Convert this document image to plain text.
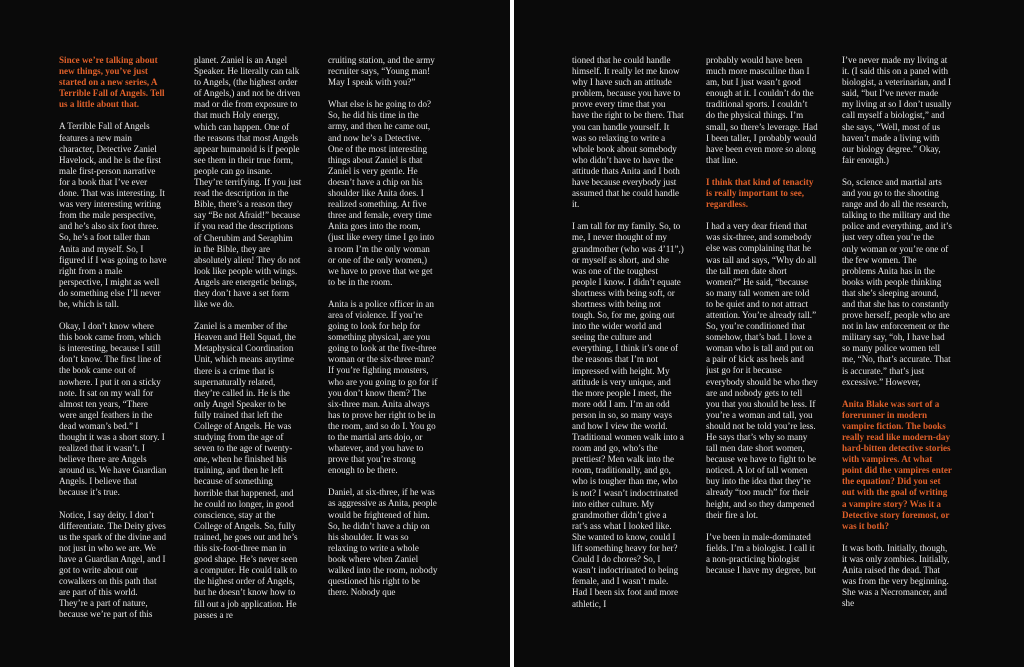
Since we’re talking about new things, you’ve just started on a new series, A Terrible Fall of Angels. Tell us a little about that.

A Terrible Fall of Angels features a new main character, Detective Zaniel Havelock, and he is the first male first-person narrative for a book that I’ve ever done. That was interesting. It was very interesting writing from the male perspective, and he’s also six foot three. So, he’s a foot taller than Anita and myself. So, I figured if I was going to have right from a male perspective, I might as well do something else I’ll never be, which is tall.

Okay, I don’t know where this book came from, which is interesting, because I still don’t know. The first line of the book came out of nowhere. I put it on a sticky note. It sat on my wall for almost ten years, “There were angel feathers in the dead woman’s bed.” I thought it was a short story. I realized that it wasn’t. I believe there are Angels around us. We have Guardian Angels. I believe that because it’s true.

Notice, I say deity. I don’t differentiate. The Deity gives us the spark of the divine and not just in who we are. We have a Guardian Angel, and I got to write about our cowalkers on this path that are part of this world. They’re a part of nature, because we’re part of this

planet. Zaniel is an Angel Speaker. He literally can talk to Angels, (the highest order of Angels,) and not be driven mad or die from exposure to that much Holy energy, which can happen. One of the reasons that most Angels appear humanoid is if people see them in their true form, people can go insane. They’re terrifying. If you just read the description in the Bible, there’s a reason they say “Be not Afraid!” because if you read the descriptions of Cherubim and Seraphim in the Bible, they are absolutely alien! They do not look like people with wings. Angels are energetic beings, they don’t have a set form like we do.

Zaniel is a member of the Heaven and Hell Squad, the Metaphysical Coordination Unit, which means anytime there is a crime that is supernaturally related, they’re called in. He is the only Angel Speaker to be fully trained that left the College of Angels. He was studying from the age of seven to the age of twenty-one, when he finished his training, and then he left because of something horrible that happened, and he could no longer, in good conscience, stay at the College of Angels. So, fully trained, he goes out and he’s this six-foot-three man in good shape. He’s never seen a computer. He could talk to the highest order of Angels, but he doesn’t know how to fill out a job application. He passes a re

cruiting station, and the army recruiter says, “Young man! May I speak with you?”

What else is he going to do? So, he did his time in the army, and then he came out, and now he’s a Detective. One of the most interesting things about Zaniel is that Zaniel is very gentle. He doesn’t have a chip on his shoulder like Anita does. I realized something. At five three and female, every time Anita goes into the room, (just like every time I go into a room I’m the only woman or one of the only women,) we have to prove that we get to be in the room.

Anita is a police officer in an area of violence. If you’re going to look for help for something physical, are you going to look at the five-three woman or the six-three man? If you’re fighting monsters, who are you going to go for if you don’t know them? The six-three man. Anita always has to prove her right to be in the room, and so do I. You go to the martial arts dojo, or whatever, and you have to prove that you’re strong enough to be there.

Daniel, at six-three, if he was as aggressive as Anita, people would be frightened of him. So, he didn’t have a chip on his shoulder. It was so relaxing to write a whole book where when Zaniel walked into the room, nobody questioned his right to be there. Nobody que

tioned that he could handle himself. It really let me know why I have such an attitude problem, because you have to prove every time that you have the right to be there. That you can handle yourself. It was so relaxing to write a whole book about somebody who didn’t have to have the attitude thats Anita and I both have because everybody just assumed that he could handle it.

I am tall for my family. So, to me, I never thought of my grandmother (who was 4’11”,) or myself as short, and she was one of the toughest people I know. I didn’t equate shortness with being soft, or shortness with being not tough. So, for me, going out into the wider world and seeing the culture and everything, I think it’s one of the reasons that I’m not impressed with height. My attitude is very unique, and the more people I meet, the more odd I am. I’m an odd person in so, so many ways and how I view the world. Traditional women walk into a room and go, who’s the prettiest? Men walk into the room, traditionally, and go, who is tougher than me, who is not? I wasn’t indoctrinated into either culture. My grandmother didn’t give a rat’s ass what I looked like. She wanted to know, could I lift something heavy for her? Could I do chores? So, I wasn’t indoctrinated to being female, and I wasn’t male. Had I been six foot and more athletic, I

probably would have been much more masculine than I am, but I just wasn’t good enough at it. I couldn’t do the traditional sports. I couldn’t do the physical things. I’m small, so there’s leverage. Had I been taller, I probably would have been even more so along that line.

I think that kind of tenacity is really important to see, regardless.

I had a very dear friend that was six-three, and somebody else was complaining that he was tall and says, “Why do all the tall men date short women?” He said, “because so many tall women are told to be quiet and to not attract attention. You’re already tall.” So, you’re conditioned that somehow, that’s bad. I love a woman who is tall and put on a pair of kick ass heels and just go for it because everybody should be who they are and nobody gets to tell you that you should be less. If you’re a woman and tall, you should not be told you’re less. He says that’s why so many tall men date short women, because we have to fight to be noticed. A lot of tall women buy into the idea that they’re already “too much” for their height, and so they dampened their fire a lot.

I’ve been in male-dominated fields. I’m a biologist. I call it a non-practicing biologist because I have my degree, but

I’ve never made my living at it. (I said this on a panel with biologist, a veterinarian, and I said, “but I’ve never made my living at so I don’t usually call myself a biologist,” and she says, “Well, most of us haven’t made a living with our biology degree.” Okay, fair enough.)

So, science and martial arts and you go to the shooting range and do all the research, talking to the military and the police and everything, and it’s just very often you’re the only woman or you’re one of the few women. The problems Anita has in the books with people thinking that she’s sleeping around, and that she has to constantly prove herself, people who are not in law enforcement or the military say, “oh, I have had so many police women tell me, “No, that’s accurate. That is accurate.” that’s just excessive.” However,

Anita Blake was sort of a forerunner in modern vampire fiction. The books really read like modern-day hard-bitten detective stories with vampires. At what point did the vampires enter the equation? Did you set out with the goal of writing a vampire story? Was it a Detective story foremost, or was it both?

It was both. Initially, though, it was only zombies. Initially, Anita raised the dead. That was from the very beginning. She was a Necromancer, and she
